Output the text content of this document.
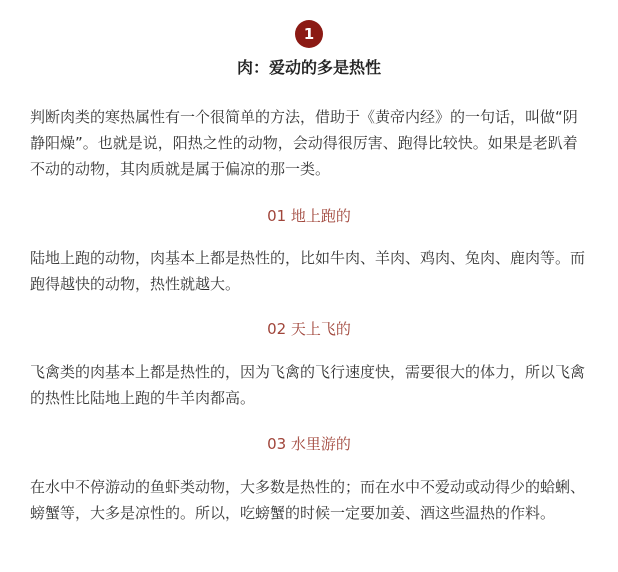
1
肉：爱动的多是热性

判断肉类的寒热属性有一个很简单的方法，借助于《黄帝内经》的一句话，叫做“阴静阳燥”。也就是说，阳热之性的动物，会动得很厉害、跑得比较快。如果是老趴着不动的动物，其肉质就是属于偏凉的那一类。

01 地上跑的

陆地上跑的动物，肉基本上都是热性的，比如牛肉、羊肉、鸡肉、兔肉、鹿肉等。而跑得越快的动物，热性就越大。

02 天上飞的

飞禽类的肉基本上都是热性的，因为飞禽的飞行速度快，需要很大的体力，所以飞禽的热性比陆地上跑的牛羊肉都高。

03 水里游的

在水中不停游动的鱼虾类动物，大多数是热性的；而在水中不爱动或动得少的蛤蜊、螃蟹等，大多是凉性的。所以，吃螃蟹的时候一定要加姜、酒这些温热的作料。
